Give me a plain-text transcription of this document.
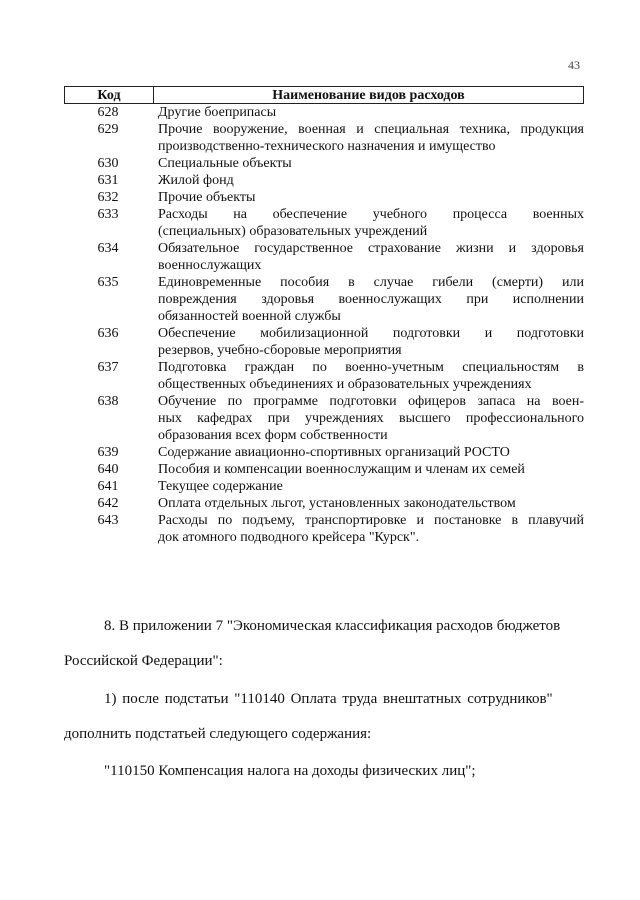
43
Код	Наименование видов расходов
628	Другие боеприпасы
629	Прочие вооружение, военная и специальная техника, продукция
производственно-технического назначения и имущество
630	Специальные объекты
631	Жилой фонд
632	Прочие объекты
633	Расходы на обеспечение учебного процесса военных
(специальных) образовательных учреждений
634	Обязательное государственное страхование жизни и здоровья
военнослужащих
635	Единовременные пособия в случае гибели (смерти) или
повреждения здоровья военнослужащих при исполнении
обязанностей военной службы
636	Обеспечение мобилизационной подготовки и подготовки
резервов, учебно-сборовые мероприятия
637	Подготовка граждан по военно-учетным специальностям в
общественных объединениях и образовательных учреждениях
638	Обучение по программе подготовки офицеров запаса на воен-
ных кафедрах при учреждениях высшего профессионального
образования всех форм собственности
639	Содержание авиационно-спортивных организаций РОСТО
640	Пособия и компенсации военнослужащим и членам их семей
641	Текущее содержание
642	Оплата отдельных льгот, установленных законодательством
643	Расходы по подъему, транспортировке и постановке в плавучий
док атомного подводного крейсера "Курск".
8. В приложении 7 "Экономическая классификация расходов бюджетов
Российской Федерации":
1) после подстатьи "110140 Оплата труда внештатных сотрудников"
дополнить подстатьей следующего содержания:
"110150 Компенсация налога на доходы физических лиц";
